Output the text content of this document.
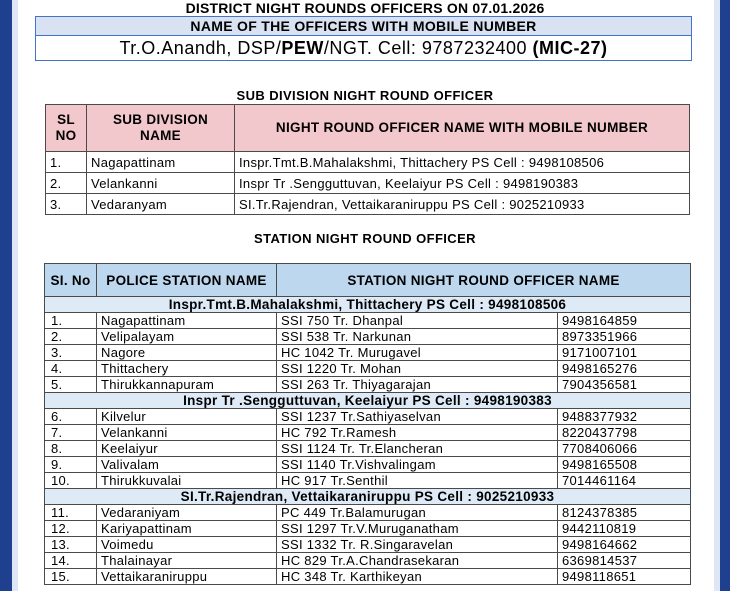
DISTRICT NIGHT ROUNDS OFFICERS ON 07.01.2026
NAME OF THE OFFICERS WITH MOBILE NUMBER
Tr.O.Anandh, DSP/PEW/NGT. Cell: 9787232400 (MIC-27)
SUB DIVISION NIGHT ROUND OFFICER
SL NO	SUB DIVISION NAME	NIGHT ROUND OFFICER NAME WITH MOBILE NUMBER
1.	Nagapattinam	Inspr.Tmt.B.Mahalakshmi, Thittachery PS Cell : 9498108506
2.	Velankanni	Inspr Tr .Sengguttuvan, Keelaiyur PS Cell : 9498190383
3.	Vedaranyam	SI.Tr.Rajendran, Vettaikaraniruppu PS Cell : 9025210933
STATION NIGHT ROUND OFFICER
SI. No	POLICE STATION NAME	STATION NIGHT ROUND OFFICER NAME	
Inspr.Tmt.B.Mahalakshmi, Thittachery PS Cell : 9498108506			
1.	Nagapattinam	SSI 750 Tr. Dhanpal	9498164859
2.	Velipalayam	SSI 538 Tr. Narkunan	8973351966
3.	Nagore	HC 1042 Tr. Murugavel	9171007101
4.	Thittachery	SSI 1220 Tr. Mohan	9498165276
5.	Thirukkannapuram	SSI 263 Tr. Thiyagarajan	7904356581
Inspr Tr .Sengguttuvan, Keelaiyur PS Cell : 9498190383			
6.	Kilvelur	SSI 1237 Tr.Sathiyaselvan	9488377932
7.	Velankanni	HC 792 Tr.Ramesh	8220437798
8.	Keelaiyur	SSI 1124 Tr. Tr.Elancheran	7708406066
9.	Valivalam	SSI 1140 Tr.Vishvalingam	9498165508
10.	Thirukkuvalai	HC 917 Tr.Senthil	7014461164
SI.Tr.Rajendran, Vettaikaraniruppu PS Cell : 9025210933			
11.	Vedaraniyam	PC 449 Tr.Balamurugan	8124378385
12.	Kariyapattinam	SSI 1297 Tr.V.Muruganatham	9442110819
13.	Voimedu	SSI 1332 Tr. R.Singaravelan	9498164662
14.	Thalainayar	HC 829 Tr.A.Chandrasekaran	6369814537
15.	Vettaikaraniruppu	HC 348 Tr. Karthikeyan	9498118651
